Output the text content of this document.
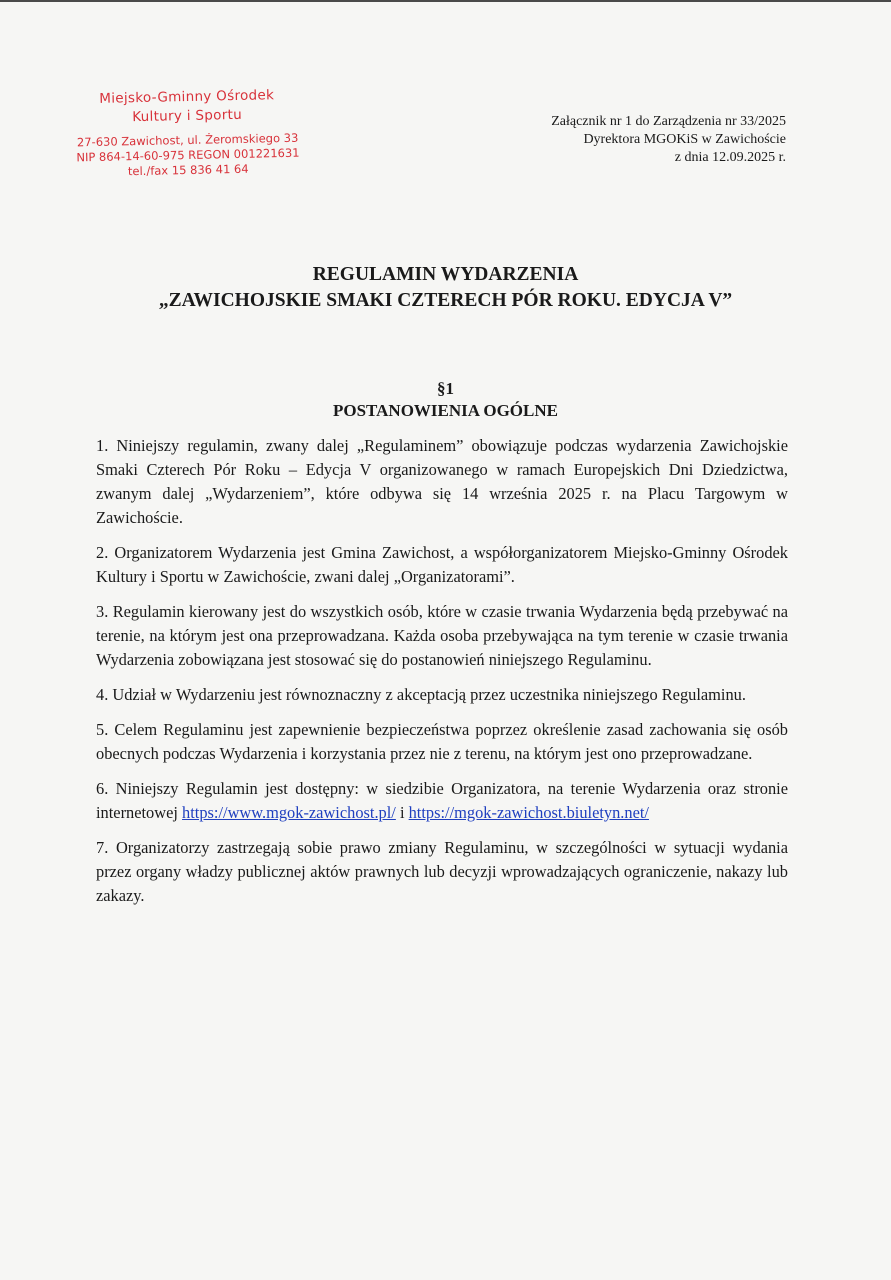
Miejsko-Gminny Ośrodek
Kultury i Sportu
27-630 Zawichost, ul. Żeromskiego 33
NIP 864-14-60-975 REGON 001221631
tel./fax 15 836 41 64
Załącznik nr 1 do Zarządzenia nr 33/2025
Dyrektora MGOKiS w Zawichoście
z dnia 12.09.2025 r.
REGULAMIN WYDARZENIA
„ZAWICHOJSKIE SMAKI CZTERECH PÓR ROKU. EDYCJA V”
§1
POSTANOWIENIA OGÓLNE

1. Niniejszy regulamin, zwany dalej „Regulaminem” obowiązuje podczas wydarzenia Zawichojskie Smaki Czterech Pór Roku – Edycja V organizowanego w ramach Europejskich Dni Dziedzictwa, zwanym dalej „Wydarzeniem”, które odbywa się 14 września 2025 r. na Placu Targowym w Zawichoście.

2. Organizatorem Wydarzenia jest Gmina Zawichost, a współorganizatorem Miejsko-Gminny Ośrodek Kultury i Sportu w Zawichoście, zwani dalej „Organizatorami”.

3. Regulamin kierowany jest do wszystkich osób, które w czasie trwania Wydarzenia będą przebywać na terenie, na którym jest ona przeprowadzana. Każda osoba przebywająca na tym terenie w czasie trwania Wydarzenia zobowiązana jest stosować się do postanowień niniejszego Regulaminu.

4. Udział w Wydarzeniu jest równoznaczny z akceptacją przez uczestnika niniejszego Regulaminu.

5. Celem Regulaminu jest zapewnienie bezpieczeństwa poprzez określenie zasad zachowania się osób obecnych podczas Wydarzenia i korzystania przez nie z terenu, na którym jest ono przeprowadzane.

6. Niniejszy Regulamin jest dostępny: w siedzibie Organizatora, na terenie Wydarzenia oraz stronie internetowej https://www.mgok-zawichost.pl/ i https://mgok-zawichost.biuletyn.net/

7. Organizatorzy zastrzegają sobie prawo zmiany Regulaminu, w szczególności w sytuacji wydania przez organy władzy publicznej aktów prawnych lub decyzji wprowadzających ograniczenie, nakazy lub zakazy.
